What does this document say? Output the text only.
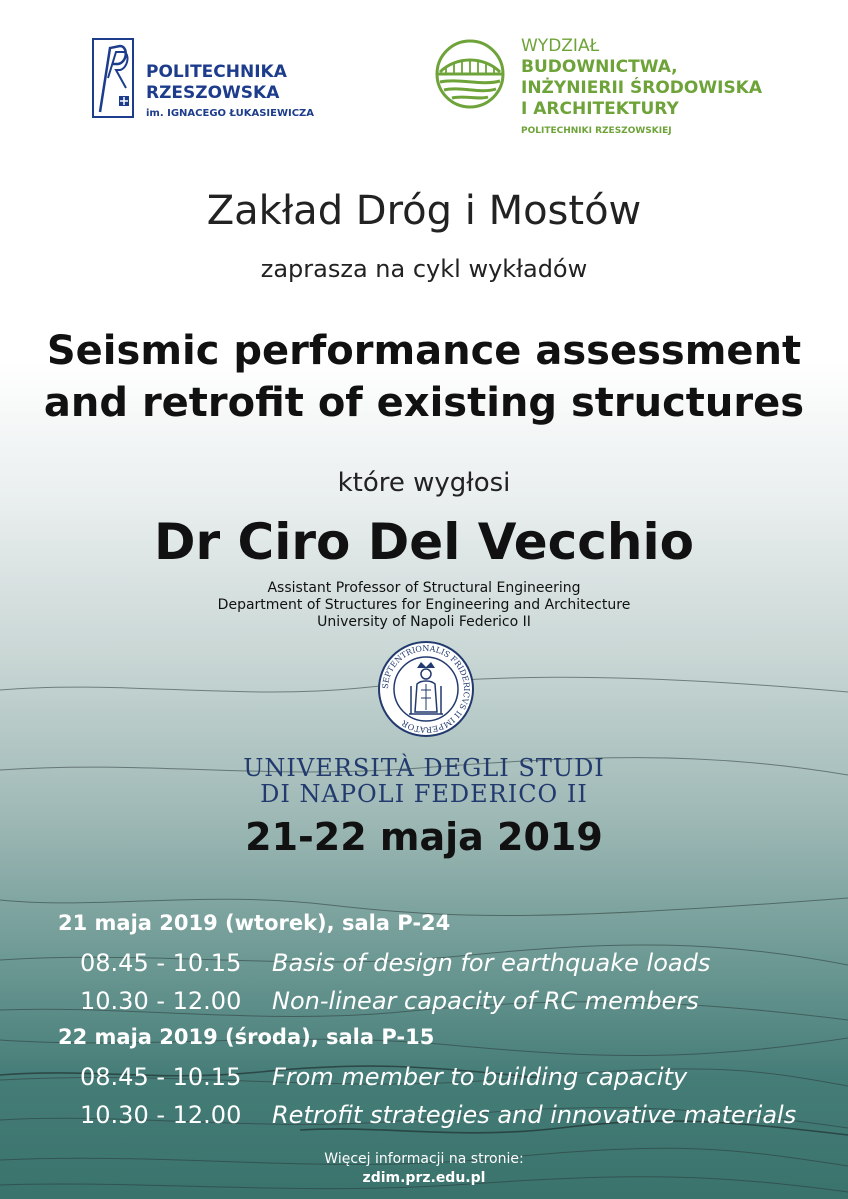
POLITECHNIKA
RZESZOWSKA
im. IGNACEGO ŁUKASIEWICZA
WYDZIAŁ
BUDOWNICTWA,
INŻYNIERII ŚRODOWISKA
I ARCHITEKTURY
POLITECHNIKI RZESZOWSKIEJ
Zakład Dróg i Mostów
zaprasza na cykl wykładów
Seismic performance assessment
and retrofit of existing structures
które wygłosi
Dr Ciro Del Vecchio
Assistant Professor of Structural Engineering
Department of Structures for Engineering and Architecture
University of Napoli Federico II
SEPTENTRIONALIS FRIDERICVS II IMPERATOR
UNIVERSITÀ DEGLI STUDI
DI NAPOLI FEDERICO II
21-22 maja 2019
21 maja 2019 (wtorek), sala P-24
08.45 - 10.15 Basis of design for earthquake loads
10.30 - 12.00 Non-linear capacity of RC members
22 maja 2019 (środa), sala P-15
08.45 - 10.15 From member to building capacity
10.30 - 12.00 Retrofit strategies and innovative materials
Więcej informacji na stronie:
zdim.prz.edu.pl
